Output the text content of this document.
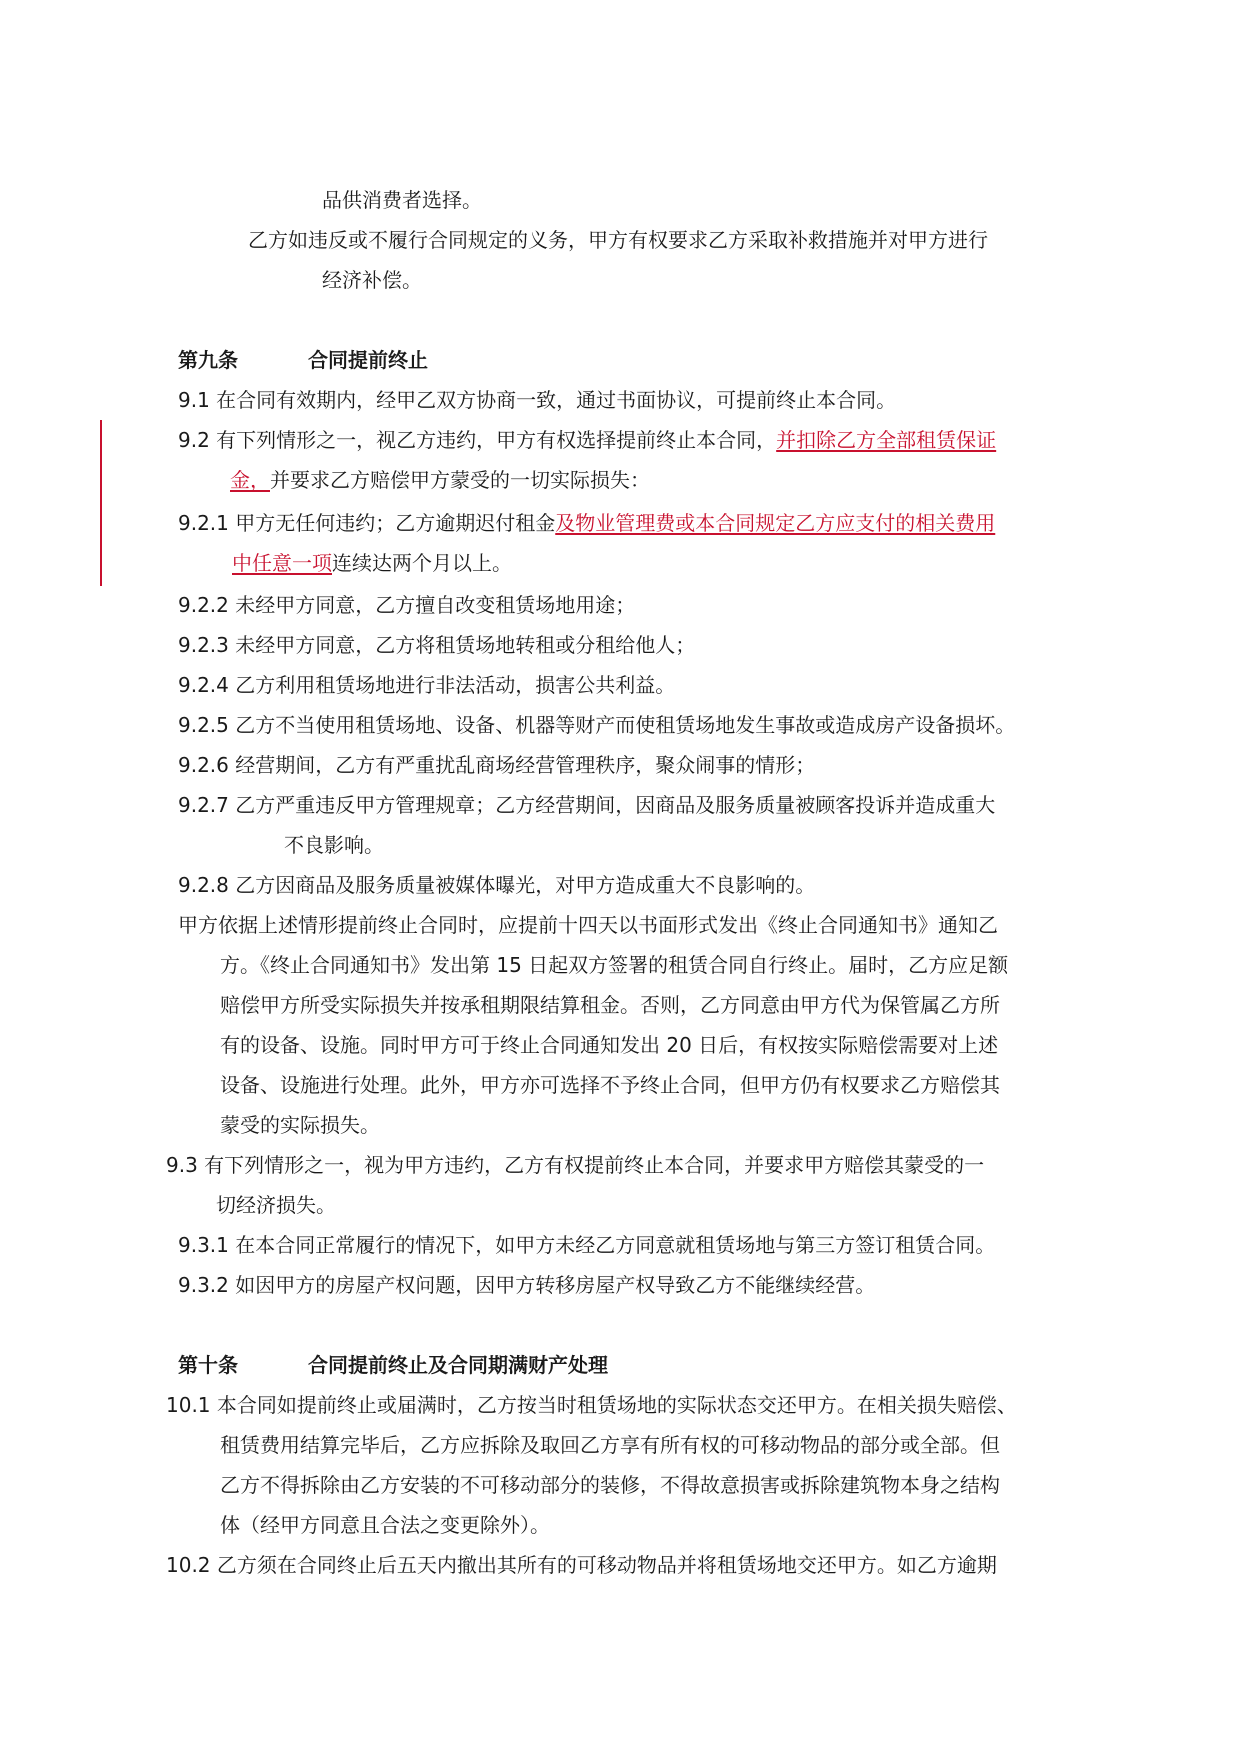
品供消费者选择。
乙方如违反或不履行合同规定的义务，甲方有权要求乙方采取补救措施并对甲方进行
经济补偿。
第九条	合同提前终止
9.1 在合同有效期内，经甲乙双方协商一致，通过书面协议，可提前终止本合同。
9.2 有下列情形之一，视乙方违约，甲方有权选择提前终止本合同，并扣除乙方全部租赁保证
金，并要求乙方赔偿甲方蒙受的一切实际损失：
9.2.1 甲方无任何违约；乙方逾期迟付租金及物业管理费或本合同规定乙方应支付的相关费用
中任意一项连续达两个月以上。
9.2.2 未经甲方同意，乙方擅自改变租赁场地用途；
9.2.3 未经甲方同意，乙方将租赁场地转租或分租给他人；
9.2.4 乙方利用租赁场地进行非法活动，损害公共利益。
9.2.5 乙方不当使用租赁场地、设备、机器等财产而使租赁场地发生事故或造成房产设备损坏。
9.2.6 经营期间，乙方有严重扰乱商场经营管理秩序，聚众闹事的情形；
9.2.7 乙方严重违反甲方管理规章；乙方经营期间，因商品及服务质量被顾客投诉并造成重大
不良影响。
9.2.8 乙方因商品及服务质量被媒体曝光，对甲方造成重大不良影响的。
甲方依据上述情形提前终止合同时，应提前十四天以书面形式发出《终止合同通知书》通知乙
方。《终止合同通知书》发出第 15 日起双方签署的租赁合同自行终止。届时，乙方应足额
赔偿甲方所受实际损失并按承租期限结算租金。否则，乙方同意由甲方代为保管属乙方所
有的设备、设施。同时甲方可于终止合同通知发出 20 日后，有权按实际赔偿需要对上述
设备、设施进行处理。此外，甲方亦可选择不予终止合同，但甲方仍有权要求乙方赔偿其
蒙受的实际损失。
9.3 有下列情形之一，视为甲方违约，乙方有权提前终止本合同，并要求甲方赔偿其蒙受的一
切经济损失。
9.3.1 在本合同正常履行的情况下，如甲方未经乙方同意就租赁场地与第三方签订租赁合同。
9.3.2 如因甲方的房屋产权问题，因甲方转移房屋产权导致乙方不能继续经营。
第十条	合同提前终止及合同期满财产处理
10.1 本合同如提前终止或届满时，乙方按当时租赁场地的实际状态交还甲方。在相关损失赔偿、
租赁费用结算完毕后，乙方应拆除及取回乙方享有所有权的可移动物品的部分或全部。但
乙方不得拆除由乙方安装的不可移动部分的装修，不得故意损害或拆除建筑物本身之结构
体（经甲方同意且合法之变更除外）。
10.2 乙方须在合同终止后五天内撤出其所有的可移动物品并将租赁场地交还甲方。如乙方逾期
